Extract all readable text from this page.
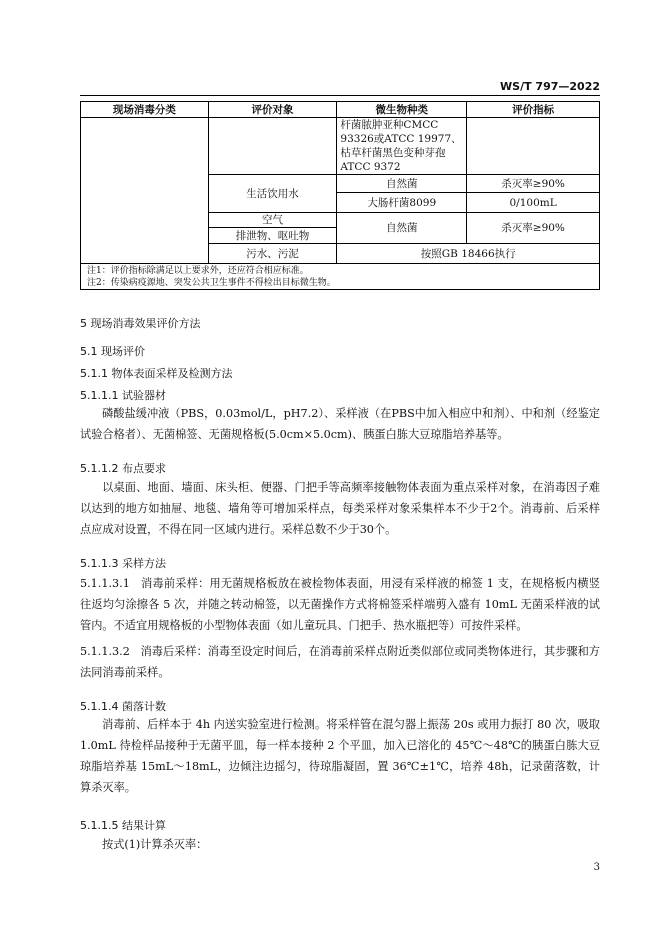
WS/T 797—2022
现场消毒分类	评价对象	微生物种类	评价指标
		杆菌脓肿亚种CMCC 93326或ATCC 19977、枯草杆菌黑色变种芽孢ATCC 9372	
	生活饮用水	自然菌	杀灭率≥90%
		大肠杆菌8099	0/100mL
	空气	自然菌	杀灭率≥90%
	排泄物、呕吐物		
	污水、污泥	按照GB 18466执行	

注1：评价指标除满足以上要求外，还应符合相应标准。
注2：传染病疫源地、突发公共卫生事件不得检出目标微生物。			
5 现场消毒效果评价方法
5.1 现场评价
5.1.1 物体表面采样及检测方法
5.1.1.1 试验器材
磷酸盐缓冲液（PBS，0.03mol/L，pH7.2）、采样液（在PBS中加入相应中和剂）、中和剂（经鉴定试验合格者）、无菌棉签、无菌规格板(5.0cm×5.0cm)、胰蛋白胨大豆琼脂培养基等。
5.1.1.2 布点要求
以桌面、地面、墙面、床头柜、便器、门把手等高频率接触物体表面为重点采样对象，在消毒因子难以达到的地方如抽屉、地毯、墙角等可增加采样点，每类采样对象采集样本不少于2个。消毒前、后采样点应成对设置，不得在同一区域内进行。采样总数不少于30个。
5.1.1.3 采样方法
5.1.1.3.1 消毒前采样：用无菌规格板放在被检物体表面，用浸有采样液的棉签 1 支，在规格板内横竖往返均匀涂擦各 5 次，并随之转动棉签，以无菌操作方式将棉签采样端剪入盛有 10mL 无菌采样液的试管内。不适宜用规格板的小型物体表面（如儿童玩具、门把手、热水瓶把等）可按件采样。
5.1.1.3.2 消毒后采样：消毒至设定时间后，在消毒前采样点附近类似部位或同类物体进行，其步骤和方法同消毒前采样。
5.1.1.4 菌落计数
消毒前、后样本于 4h 内送实验室进行检测。将采样管在混匀器上振荡 20s 或用力振打 80 次，吸取 1.0mL 待检样品接种于无菌平皿，每一样本接种 2 个平皿，加入已溶化的 45℃～48℃的胰蛋白胨大豆琼脂培养基 15mL～18mL，边倾注边摇匀，待琼脂凝固，置 36℃±1℃，培养 48h，记录菌落数，计算杀灭率。
5.1.1.5 结果计算
按式(1)计算杀灭率：
3
